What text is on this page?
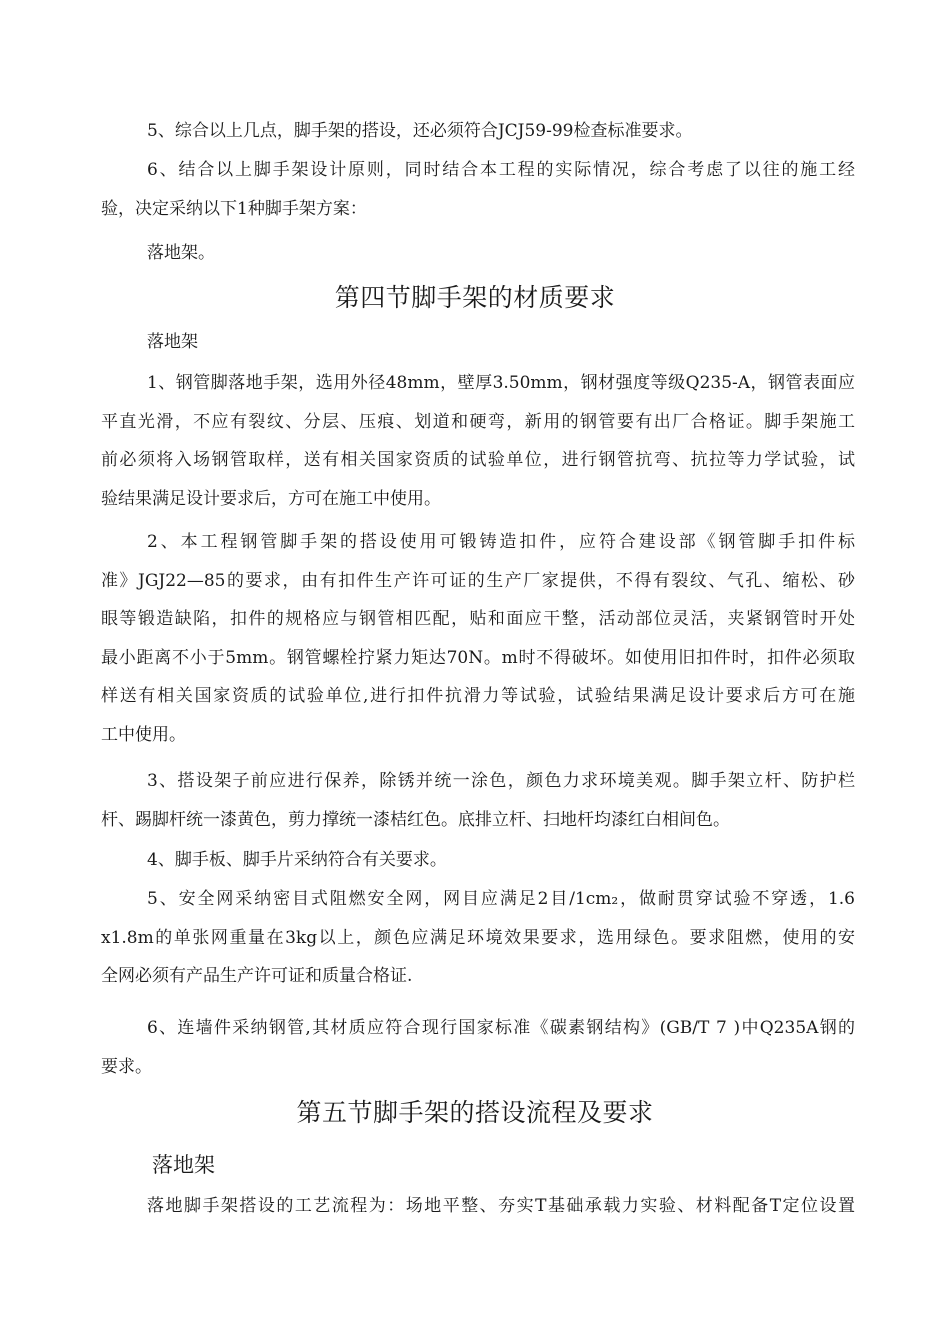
5、综合以上几点，脚手架的搭设，还必须符合JCJ59-99检查标准要求。

6、结合以上脚手架设计原则，同时结合本工程的实际情况，综合考虑了以往的施工经
验，决定采纳以下1种脚手架方案：

落地架。

第四节脚手架的材质要求

落地架

1、钢管脚落地手架，选用外径48mm，壁厚3.50mm，钢材强度等级Q235-A，钢管表面应
平直光滑，不应有裂纹、分层、压痕、划道和硬弯，新用的钢管要有出厂合格证。脚手架施工
前必须将入场钢管取样，送有相关国家资质的试验单位，进行钢管抗弯、抗拉等力学试验，试
验结果满足设计要求后，方可在施工中使用。

2、本工程钢管脚手架的搭设使用可锻铸造扣件，应符合建设部《钢管脚手扣件标
准》JGJ22—85的要求，由有扣件生产许可证的生产厂家提供，不得有裂纹、气孔、缩松、砂
眼等锻造缺陷，扣件的规格应与钢管相匹配，贴和面应干整，活动部位灵活，夹紧钢管时开处
最小距离不小于5mm。钢管螺栓拧紧力矩达70N。m时不得破坏。如使用旧扣件时，扣件必须取
样送有相关国家资质的试验单位,进行扣件抗滑力等试验，试验结果满足设计要求后方可在施
工中使用。

3、搭设架子前应进行保养，除锈并统一涂色，颜色力求环境美观。脚手架立杆、防护栏
杆、踢脚杆统一漆黄色，剪力撑统一漆桔红色。底排立杆、扫地杆均漆红白相间色。

4、脚手板、脚手片采纳符合有关要求。

5、安全网采纳密目式阻燃安全网，网目应满足2目/1cm₂，做耐贯穿试验不穿透，1.6
x1.8m的单张网重量在3kg以上，颜色应满足环境效果要求，选用绿色。要求阻燃，使用的安
全网必须有产品生产许可证和质量合格证.

6、连墙件采纳钢管,其材质应符合现行国家标准《碳素钢结构》(GB/T 7 )中Q235A钢的
要求。

第五节脚手架的搭设流程及要求
落地架

落地脚手架搭设的工艺流程为：场地平整、夯实T基础承载力实验、材料配备T定位设置
